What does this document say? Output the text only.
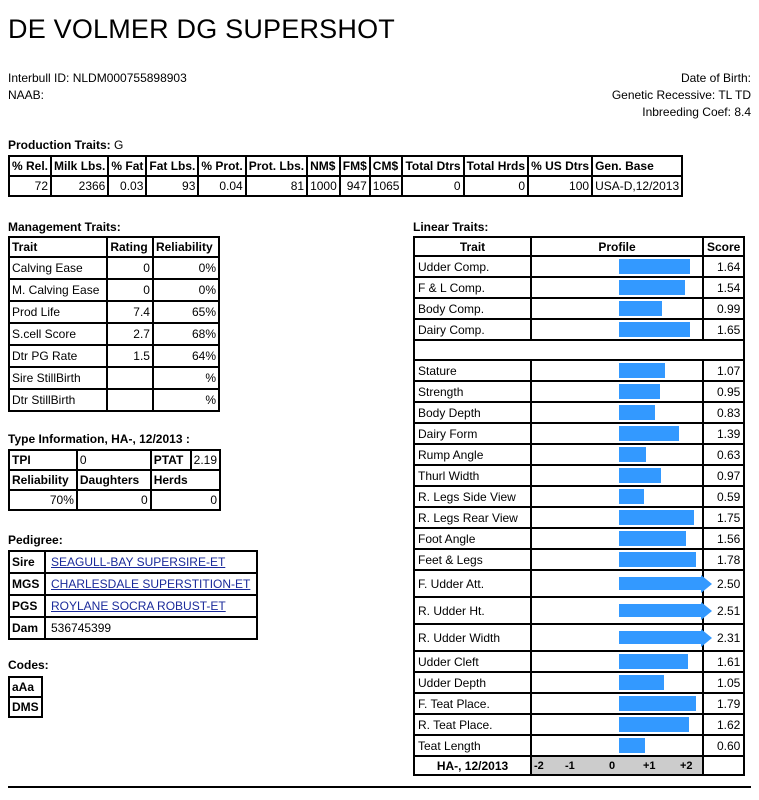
DE VOLMER DG SUPERSHOT
Interbull ID: NLDM000755898903
NAAB:
Date of Birth:
Genetic Recessive: TL TD
Inbreeding Coef: 8.4
Production Traits: G
% Rel.	Milk Lbs.	% Fat	Fat Lbs.	% Prot.	Prot. Lbs.	NM$	FM$	CM$	Total Dtrs	Total Hrds	% US Dtrs	Gen. Base
72	2366	0.03	93	0.04	81	1000	947	1065	0	0	100	USA-D,12/2013
Management Traits:
Trait	Rating	Reliability
Calving Ease	0	0%
M. Calving Ease	0	0%
Prod Life	7.4	65%
S.cell Score	2.7	68%
Dtr PG Rate	1.5	64%
Sire StillBirth		%
Dtr StillBirth		%
Type Information, HA-, 12/2013 :
TPI	0	PTAT	2.19
Reliability	Daughters	Herds	
70%	0	0	
Pedigree:
Sire	SEAGULL-BAY SUPERSIRE-ET
MGS	CHARLESDALE SUPERSTITION-ET
PGS	ROYLANE SOCRA ROBUST-ET
Dam	536745399
Codes:
aAa
DMS
Linear Traits:
Trait	Profile	Score
Udder Comp.		1.64
F & L Comp.		1.54
Body Comp.		0.99
Dairy Comp.		1.65

Stature		1.07
Strength		0.95
Body Depth		0.83
Dairy Form		1.39
Rump Angle		0.63
Thurl Width		0.97
R. Legs Side View		0.59
R. Legs Rear View		1.75
Foot Angle		1.56
Feet & Legs		1.78
F. Udder Att.		2.50
R. Udder Ht.		2.51
R. Udder Width		2.31
Udder Cleft		1.61
Udder Depth		1.05
F. Teat Place.		1.79
R. Teat Place.		1.62
Teat Length		0.60
HA-, 12/2013	-2 -1 0 +1 +2	
